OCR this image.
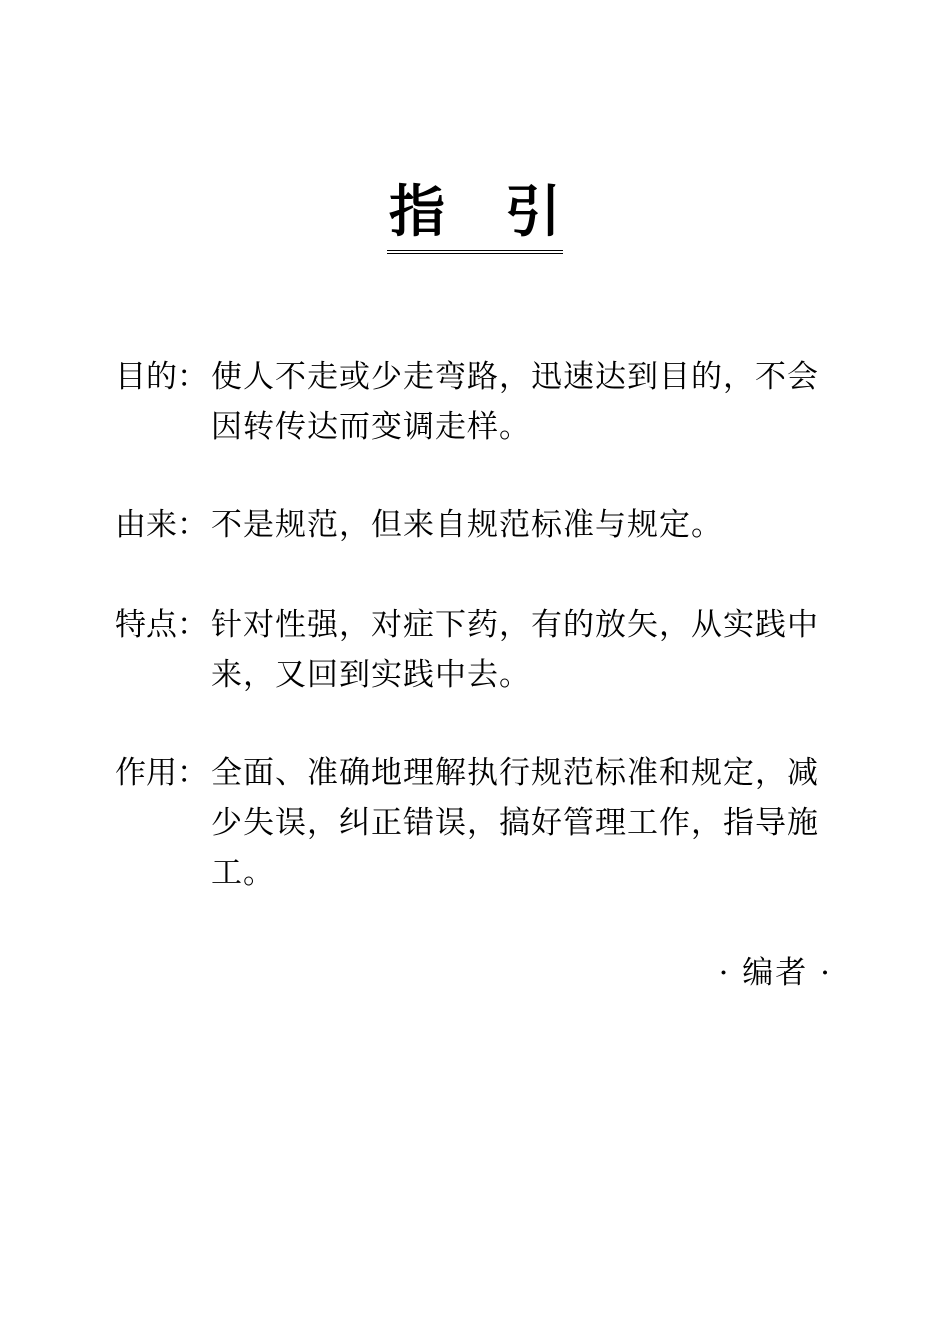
指 引
目的： 使人不走或少走弯路，迅速达到目的，不会因转传达而变调走样。
由来： 不是规范，但来自规范标准与规定。
特点： 针对性强，对症下药，有的放矢，从实践中来，又回到实践中去。
作用： 全面、准确地理解执行规范标准和规定，减少失误，纠正错误，搞好管理工作，指导施工。
· 编者 ·
